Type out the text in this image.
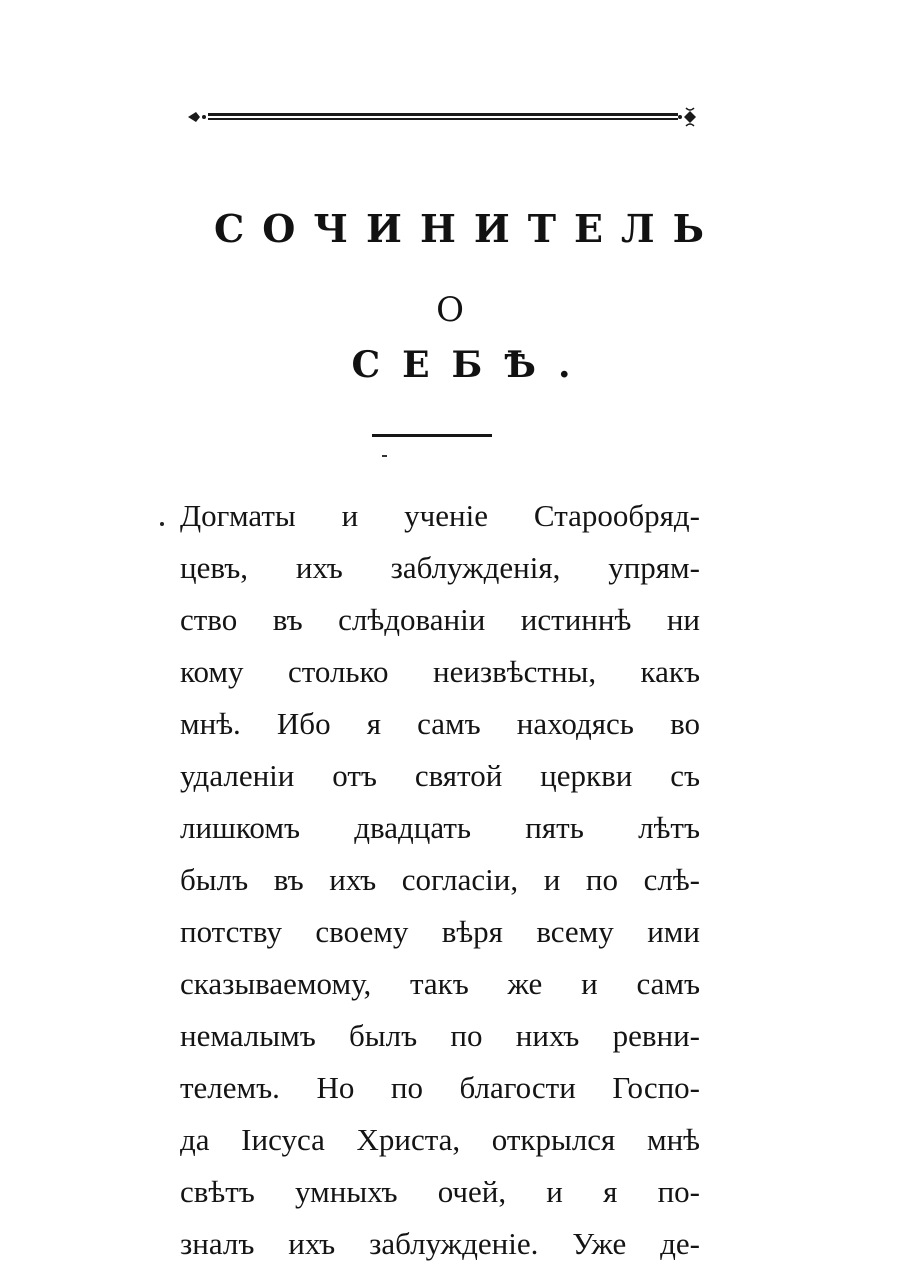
СОЧИНИТЕЛЬ
О
СЕБѢ.
Догматы и ученіе Старообряд-
цевъ, ихъ заблужденія, упрям-
ство въ слѣдованіи истиннѣ ни
кому столько неизвѣстны, какъ
мнѣ. Ибо я самъ находясь во
удаленіи отъ святой церкви съ
лишкомъ двадцать пять лѣтъ
былъ въ ихъ согласіи, и по слѣ-
потству своему вѣря всему ими
сказываемому, такъ же и самъ
немалымъ былъ по нихъ ревни-
телемъ. Но по благости Госпо-
да Іисуса Христа, открылся мнѣ
свѣтъ умныхъ очей, и я по-
зналъ ихъ заблужденіе. Уже де-
